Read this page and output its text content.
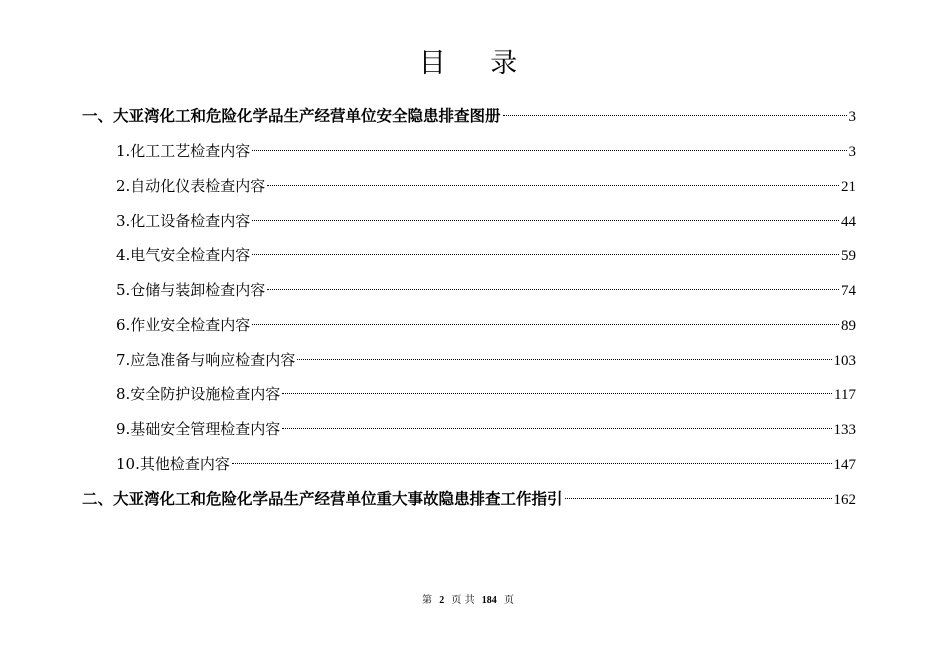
目 录
一、大亚湾化工和危险化学品生产经营单位安全隐患排查图册	3
1.化工工艺检查内容	3
2.自动化仪表检查内容	21
3.化工设备检查内容	44
4.电气安全检查内容	59
5.仓储与装卸检查内容	74
6.作业安全检查内容	89
7.应急准备与响应检查内容	103
8.安全防护设施检查内容	117
9.基础安全管理检查内容	133
10.其他检查内容	147
二、大亚湾化工和危险化学品生产经营单位重大事故隐患排查工作指引	162
第 2 页 共 184 页
